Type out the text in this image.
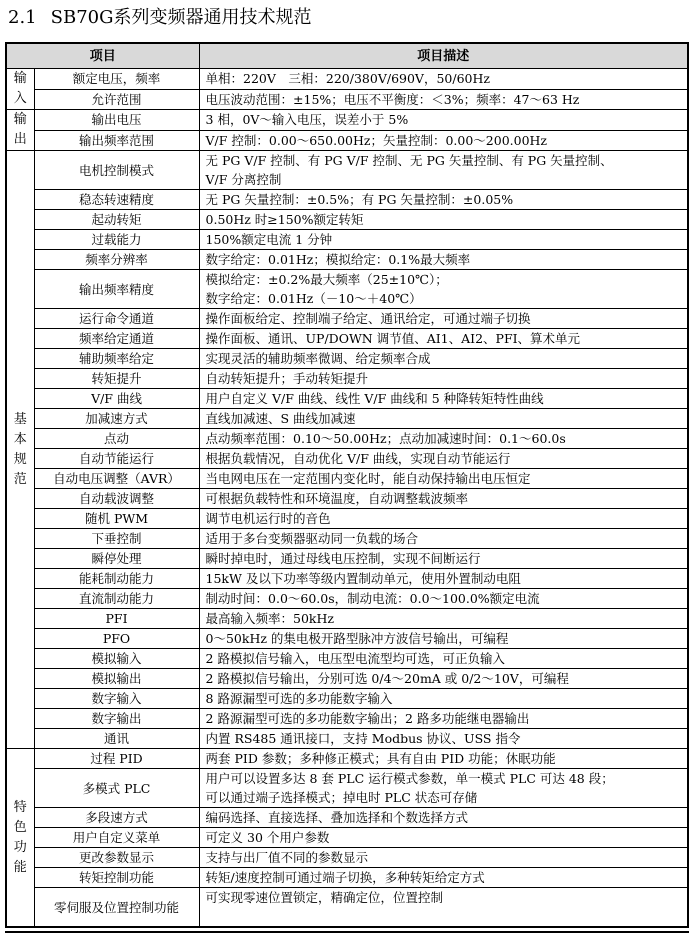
2.1 SB70G系列变频器通用技术规范
项目		项目描述
输入	额定电压，频率	单相：220V　三相：220/380V/690V，50/60Hz

	允许范围	电压波动范围：±15%；电压不平衡度：＜3%；频率：47～63 Hz

输出	输出电压	3 相，0V～输入电压，误差小于 5%

	输出频率范围	V/F 控制：0.00～650.00Hz；矢量控制：0.00～200.00Hz

基本规范	电机控制模式	无 PG V/F 控制、有 PG V/F 控制、无 PG 矢量控制、有 PG 矢量控制、
V/F 分离控制

	稳态转速精度	无 PG 矢量控制：±0.5%；有 PG 矢量控制：±0.05%

	起动转矩	0.50Hz 时≥150%额定转矩

	过载能力	150%额定电流 1 分钟

	频率分辨率	数字给定：0.01Hz；模拟给定：0.1%最大频率

	输出频率精度	模拟给定：±0.2%最大频率（25±10℃）；
数字给定：0.01Hz（－10～＋40℃）

	运行命令通道	操作面板给定、控制端子给定、通讯给定，可通过端子切换

	频率给定通道	操作面板、通讯、UP/DOWN 调节值、AI1、AI2、PFI、算术单元

	辅助频率给定	实现灵活的辅助频率微调、给定频率合成

	转矩提升	自动转矩提升；手动转矩提升

	V/F 曲线	用户自定义 V/F 曲线、线性 V/F 曲线和 5 种降转矩特性曲线

	加减速方式	直线加减速、S 曲线加减速

	点动	点动频率范围：0.10～50.00Hz；点动加减速时间：0.1～60.0s

	自动节能运行	根据负载情况，自动优化 V/F 曲线，实现自动节能运行

	自动电压调整（AVR）	当电网电压在一定范围内变化时，能自动保持输出电压恒定

	自动载波调整	可根据负载特性和环境温度，自动调整载波频率

	随机 PWM	调节电机运行时的音色

	下垂控制	适用于多台变频器驱动同一负载的场合

	瞬停处理	瞬时掉电时，通过母线电压控制，实现不间断运行

	能耗制动能力	15kW 及以下功率等级内置制动单元，使用外置制动电阻

	直流制动能力	制动时间：0.0～60.0s，制动电流：0.0～100.0%额定电流

	PFI	最高输入频率：50kHz

	PFO	0～50kHz 的集电极开路型脉冲方波信号输出，可编程

	模拟输入	2 路模拟信号输入，电压型电流型均可选，可正负输入

	模拟输出	2 路模拟信号输出，分别可选 0/4～20mA 或 0/2～10V，可编程

	数字输入	8 路源漏型可选的多功能数字输入

	数字输出	2 路源漏型可选的多功能数字输出；2 路多功能继电器输出

	通讯	内置 RS485 通讯接口，支持 Modbus 协议、USS 指令

特色功能	过程 PID	两套 PID 参数；多种修正模式；具有自由 PID 功能；休眠功能

	多模式 PLC	用户可以设置多达 8 套 PLC 运行模式参数，单一模式 PLC 可达 48 段；
可以通过端子选择模式；掉电时 PLC 状态可存储

	多段速方式	编码选择、直接选择、叠加选择和个数选择方式

	用户自定义菜单	可定义 30 个用户参数

	更改参数显示	支持与出厂值不同的参数显示

	转矩控制功能	转矩/速度控制可通过端子切换，多种转矩给定方式

	零伺服及位置控制功能	可实现零速位置锁定，精确定位，位置控制
